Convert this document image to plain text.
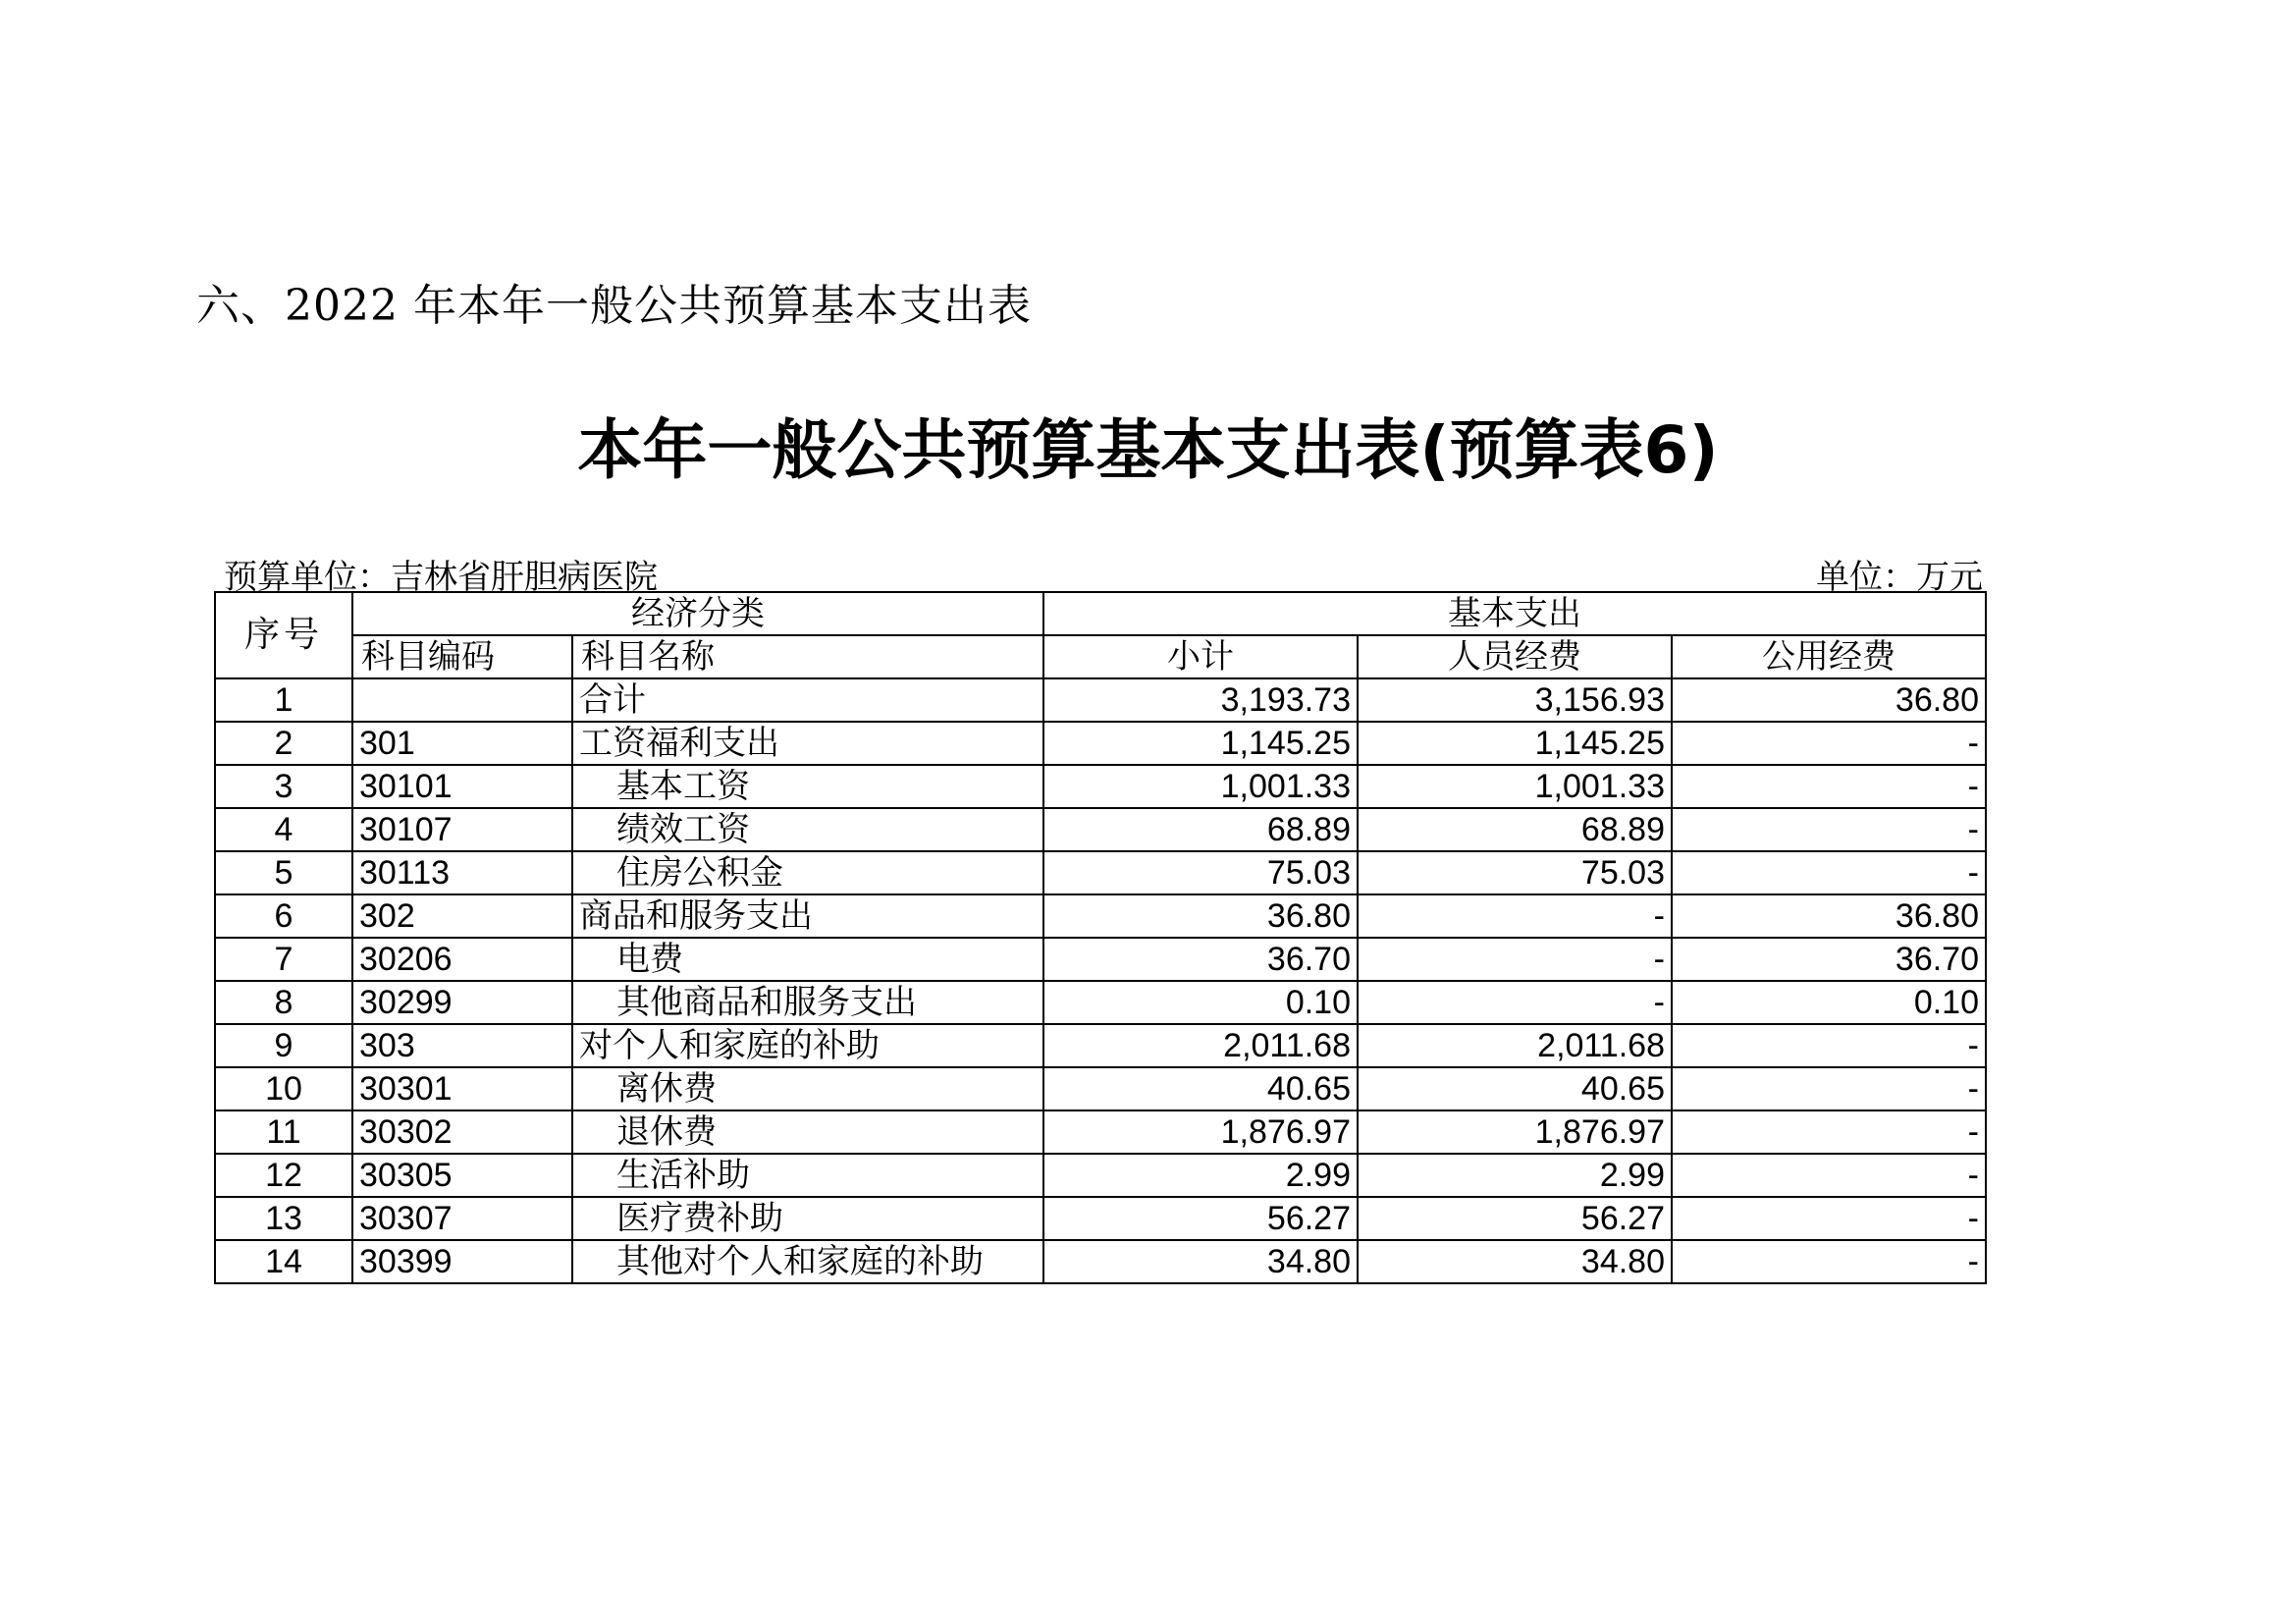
六、2022 年本年一般公共预算基本支出表
本年一般公共预算基本支出表(预算表6)
预算单位：吉林省肝胆病医院	单位：万元
序号	经济分类		基本支出		
	科目编码	科目名称	小计	人员经费	公用经费
1		合计	3,193.73	3,156.93	36.80
2	301	工资福利支出	1,145.25	1,145.25	-
3	30101	基本工资	1,001.33	1,001.33	-
4	30107	绩效工资	68.89	68.89	-
5	30113	住房公积金	75.03	75.03	-
6	302	商品和服务支出	36.80	-	36.80
7	30206	电费	36.70	-	36.70
8	30299	其他商品和服务支出	0.10	-	0.10
9	303	对个人和家庭的补助	2,011.68	2,011.68	-
10	30301	离休费	40.65	40.65	-
11	30302	退休费	1,876.97	1,876.97	-
12	30305	生活补助	2.99	2.99	-
13	30307	医疗费补助	56.27	56.27	-
14	30399	其他对个人和家庭的补助	34.80	34.80	-
